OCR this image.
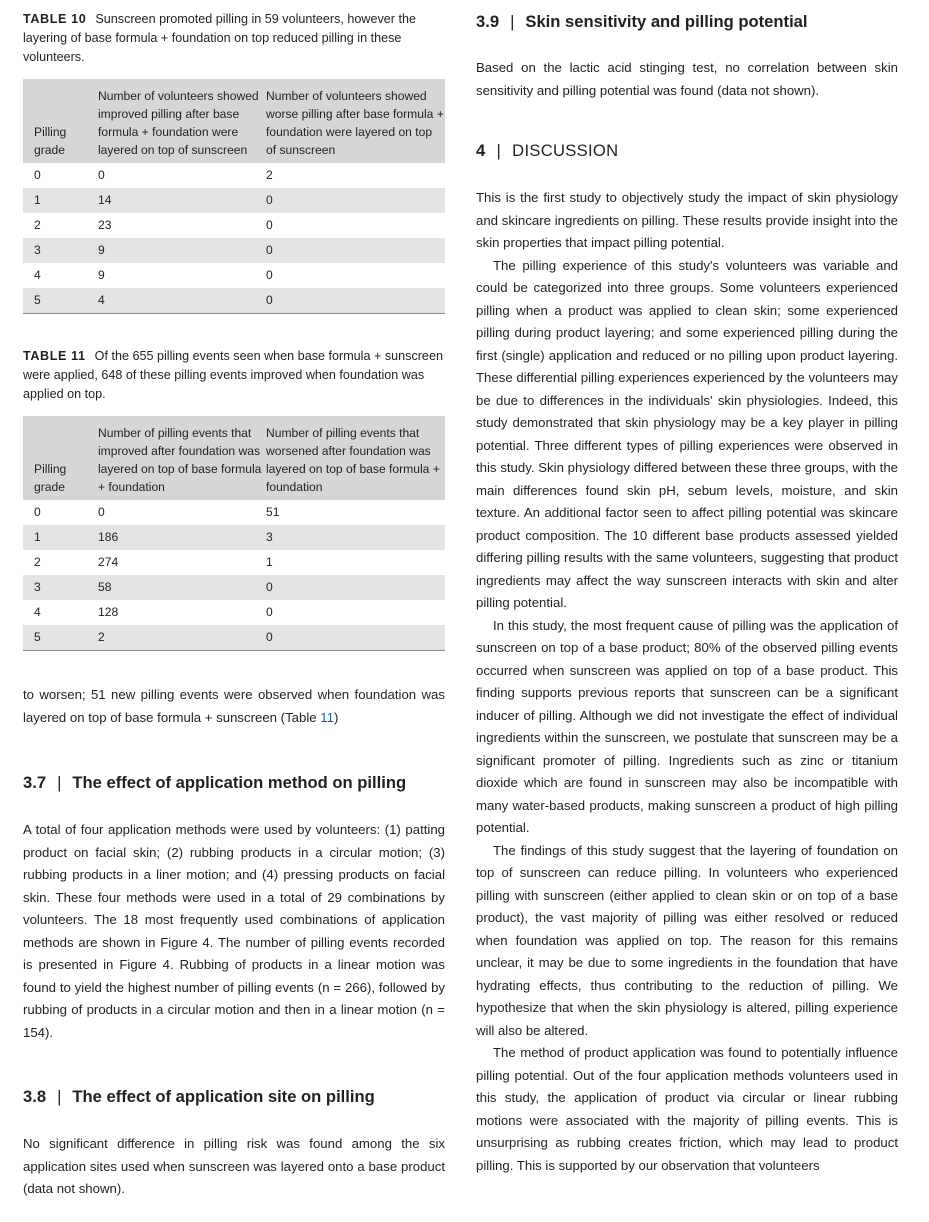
TABLE 10 Sunscreen promoted pilling in 59 volunteers, however the layering of base formula + foundation on top reduced pilling in these volunteers.

Pilling grade	Number of volunteers showed improved pilling after base formula + foundation were layered on top of sunscreen	Number of volunteers showed worse pilling after base formula + foundation were layered on top of sunscreen
0	0	2
1	14	0
2	23	0
3	9	0
4	9	0
5	4	0

TABLE 11 Of the 655 pilling events seen when base formula + sunscreen were applied, 648 of these pilling events improved when foundation was applied on top.

Pilling grade	Number of pilling events that improved after foundation was layered on top of base formula + foundation	Number of pilling events that worsened after foundation was layered on top of base formula + foundation
0	0	51
1	186	3
2	274	1
3	58	0
4	128	0
5	2	0

to worsen; 51 new pilling events were observed when foundation was layered on top of base formula + sunscreen (Table 11)

3.7 | The effect of application method on pilling

A total of four application methods were used by volunteers: (1) patting product on facial skin; (2) rubbing products in a circular motion; (3) rubbing products in a liner motion; and (4) pressing products on facial skin. These four methods were used in a total of 29 combinations by volunteers. The 18 most frequently used combinations of application methods are shown in Figure 4. The number of pilling events recorded is presented in Figure 4. Rubbing of products in a linear motion was found to yield the highest number of pilling events (n = 266), followed by rubbing of products in a circular motion and then in a linear motion (n = 154).

3.8 | The effect of application site on pilling

No significant difference in pilling risk was found among the six application sites used when sunscreen was layered onto a base product (data not shown).

3.9 | Skin sensitivity and pilling potential

Based on the lactic acid stinging test, no correlation between skin sensitivity and pilling potential was found (data not shown).

4 | DISCUSSION

This is the first study to objectively study the impact of skin physiology and skincare ingredients on pilling. These results provide insight into the skin properties that impact pilling potential.

The pilling experience of this study's volunteers was variable and could be categorized into three groups. Some volunteers experienced pilling when a product was applied to clean skin; some experienced pilling during product layering; and some experienced pilling during the first (single) application and reduced or no pilling upon product layering. These differential pilling experiences experienced by the volunteers may be due to differences in the individuals' skin physiologies. Indeed, this study demonstrated that skin physiology may be a key player in pilling potential. Three different types of pilling experiences were observed in this study. Skin physiology differed between these three groups, with the main differences found skin pH, sebum levels, moisture, and skin texture. An additional factor seen to affect pilling potential was skincare product composition. The 10 different base products assessed yielded differing pilling results with the same volunteers, suggesting that product ingredients may affect the way sunscreen interacts with skin and alter pilling potential.

In this study, the most frequent cause of pilling was the application of sunscreen on top of a base product; 80% of the observed pilling events occurred when sunscreen was applied on top of a base product. This finding supports previous reports that sunscreen can be a significant inducer of pilling. Although we did not investigate the effect of individual ingredients within the sunscreen, we postulate that sunscreen may be a significant promoter of pilling. Ingredients such as zinc or titanium dioxide which are found in sunscreen may also be incompatible with many water-based products, making sunscreen a product of high pilling potential.

The findings of this study suggest that the layering of foundation on top of sunscreen can reduce pilling. In volunteers who experienced pilling with sunscreen (either applied to clean skin or on top of a base product), the vast majority of pilling was either resolved or reduced when foundation was applied on top. The reason for this remains unclear, it may be due to some ingredients in the foundation that have hydrating effects, thus contributing to the reduction of pilling. We hypothesize that when the skin physiology is altered, pilling experience will also be altered.

The method of product application was found to potentially influence pilling potential. Out of the four application methods volunteers used in this study, the application of product via circular or linear rubbing motions were associated with the majority of pilling events. This is unsurprising as rubbing creates friction, which may lead to product pilling. This is supported by our observation that volunteers
